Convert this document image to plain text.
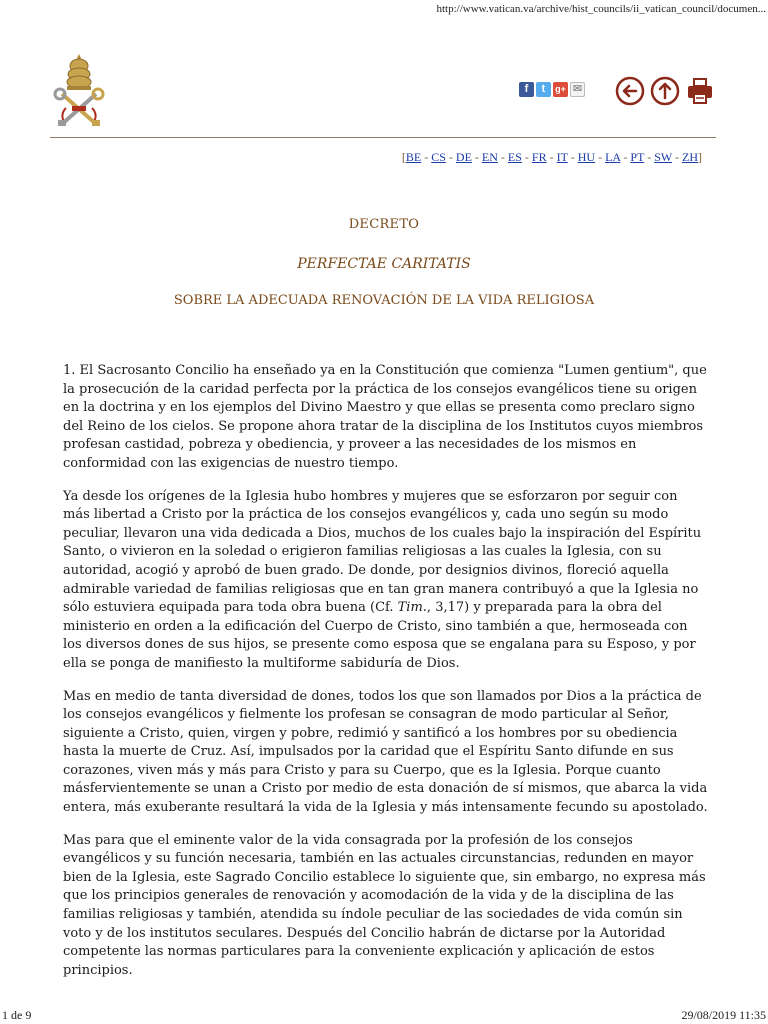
http://www.vatican.va/archive/hist_councils/ii_vatican_council/documen...
f	t	g+ ✉
[BE - CS - DE - EN - ES - FR - IT - HU - LA - PT - SW - ZH]
DECRETO
PERFECTAE CARITATIS
SOBRE LA ADECUADA RENOVACIÓN DE LA VIDA RELIGIOSA

1. El Sacrosanto Concilio ha enseñado ya en la Constitución que comienza "Lumen gentium", que la prosecución de la caridad perfecta por la práctica de los consejos evangélicos tiene su origen en la doctrina y en los ejemplos del Divino Maestro y que ellas se presenta como preclaro signo del Reino de los cielos. Se propone ahora tratar de la disciplina de los Institutos cuyos miembros profesan castidad, pobreza y obediencia, y proveer a las necesidades de los mismos en conformidad con las exigencias de nuestro tiempo.

Ya desde los orígenes de la Iglesia hubo hombres y mujeres que se esforzaron por seguir con más libertad a Cristo por la práctica de los consejos evangélicos y, cada uno según su modo peculiar, llevaron una vida dedicada a Dios, muchos de los cuales bajo la inspiración del Espíritu Santo, o vivieron en la soledad o erigieron familias religiosas a las cuales la Iglesia, con su autoridad, acogió y aprobó de buen grado. De donde, por designios divinos, floreció aquella admirable variedad de familias religiosas que en tan gran manera contribuyó a que la Iglesia no sólo estuviera equipada para toda obra buena (Cf. Tim., 3,17) y preparada para la obra del ministerio en orden a la edificación del Cuerpo de Cristo, sino también a que, hermoseada con los diversos dones de sus hijos, se presente como esposa que se engalana para su Esposo, y por ella se ponga de manifiesto la multiforme sabiduría de Dios.

Mas en medio de tanta diversidad de dones, todos los que son llamados por Dios a la práctica de los consejos evangélicos y fielmente los profesan se consagran de modo particular al Señor, siguiente a Cristo, quien, virgen y pobre, redimió y santificó a los hombres por su obediencia hasta la muerte de Cruz. Así, impulsados por la caridad que el Espíritu Santo difunde en sus corazones, viven más y más para Cristo y para su Cuerpo, que es la Iglesia. Porque cuanto másfervientemente se unan a Cristo por medio de esta donación de sí mismos, que abarca la vida entera, más exuberante resultará la vida de la Iglesia y más intensamente fecundo su apostolado.

Mas para que el eminente valor de la vida consagrada por la profesión de los consejos evangélicos y su función necesaria, también en las actuales circunstancias, redunden en mayor bien de la Iglesia, este Sagrado Concilio establece lo siguiente que, sin embargo, no expresa más que los principios generales de renovación y acomodación de la vida y de la disciplina de las familias religiosas y también, atendida su índole peculiar de las sociedades de vida común sin voto y de los institutos seculares. Después del Concilio habrán de dictarse por la Autoridad competente las normas particulares para la conveniente explicación y aplicación de estos principios.

1 de 9	29/08/2019 11:35
